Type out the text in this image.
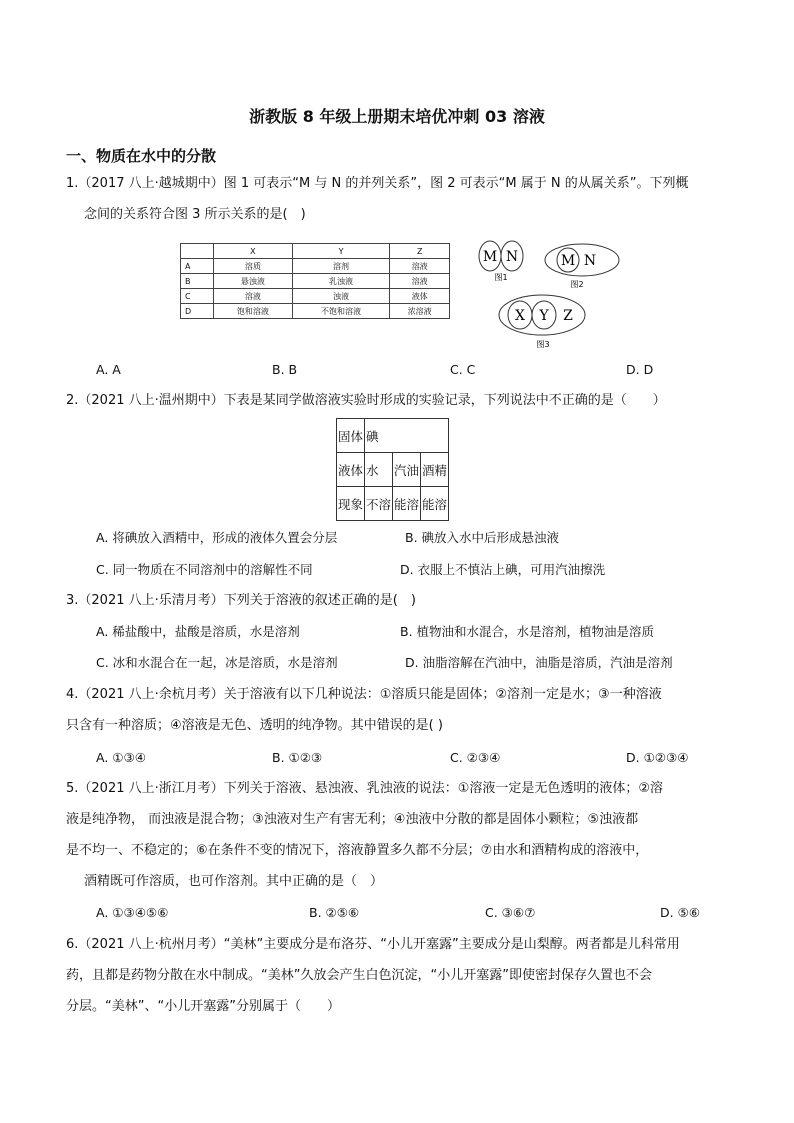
浙教版 8 年级上册期末培优冲刺 03 溶液
一、物质在水中的分散
1.（2017 八上·越城期中）图 1 可表示“M 与 N 的并列关系”，图 2 可表示“M 属于 N 的从属关系”。下列概
念间的关系符合图 3 所示关系的是(　)
	X	Y	Z
A	溶质	溶剂	溶液
B	悬浊液	乳浊液	溶液
C	溶液	浊液	液体
D	饱和溶液	不饱和溶液	浓溶液
M N
图1
M N
图2
X Y Z
图3
A. A	B. B	C. C	D. D
2.（2021 八上·温州期中）下表是某同学做溶液实验时形成的实验记录，下列说法中不正确的是（　　）
固体	碘		
液体	水	汽油	酒精
现象	不溶	能溶	能溶
A. 将碘放入酒精中，形成的液体久置会分层	B. 碘放入水中后形成悬浊液
C. 同一物质在不同溶剂中的溶解性不同	D. 衣服上不慎沾上碘，可用汽油擦洗
3.（2021 八上·乐清月考）下列关于溶液的叙述正确的是(　)
A. 稀盐酸中，盐酸是溶质，水是溶剂	B. 植物油和水混合，水是溶剂，植物油是溶质
C. 冰和水混合在一起，冰是溶质，水是溶剂	D. 油脂溶解在汽油中，油脂是溶质，汽油是溶剂
4.（2021 八上·余杭月考）关于溶液有以下几种说法：①溶质只能是固体；②溶剂一定是水；③一种溶液
只含有一种溶质；④溶液是无色、透明的纯净物。其中错误的是( )
A. ①③④	B. ①②③	C. ②③④	D. ①②③④
5.（2021 八上·浙江月考）下列关于溶液、悬浊液、乳浊液的说法：①溶液一定是无色透明的液体；②溶
液是纯净物， 而浊液是混合物；③浊液对生产有害无利；④浊液中分散的都是固体小颗粒；⑤浊液都
是不均一、不稳定的；⑥在条件不变的情况下，溶液静置多久都不分层；⑦由水和酒精构成的溶液中，
酒精既可作溶质，也可作溶剂。其中正确的是（　）
A. ①③④⑤⑥	B. ②⑤⑥	C. ③⑥⑦	D. ⑤⑥
6.（2021 八上·杭州月考）“美林”主要成分是布洛芬、“小儿开塞露”主要成分是山梨醇。两者都是儿科常用
药，且都是药物分散在水中制成。“美林”久放会产生白色沉淀，“小儿开塞露”即使密封保存久置也不会
分层。“美林”、“小儿开塞露”分别属于（　　）
